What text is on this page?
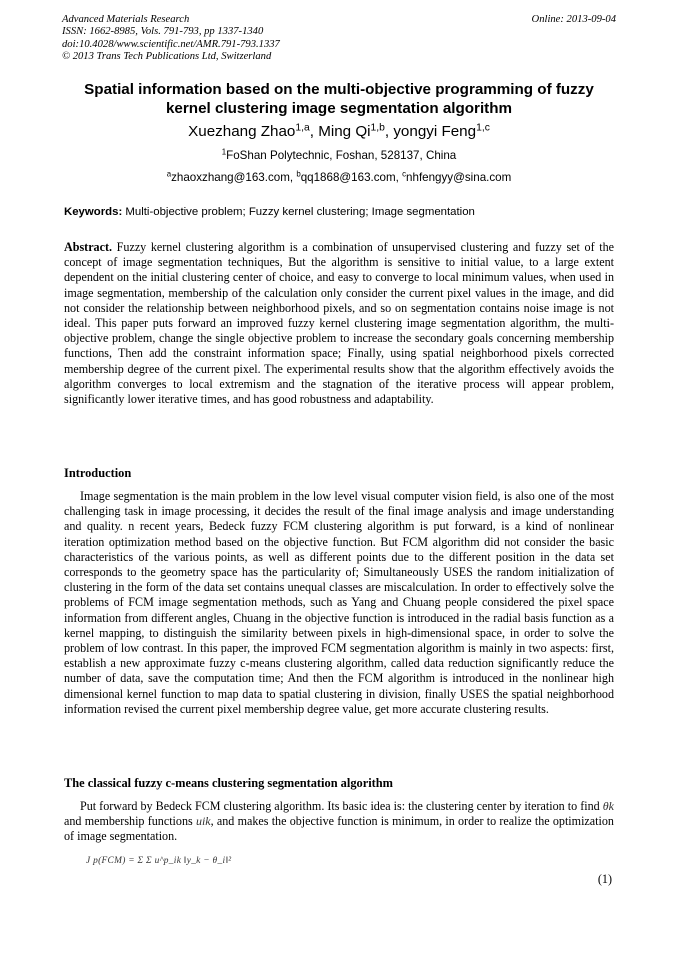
Advanced Materials Research
ISSN: 1662-8985, Vols. 791-793, pp 1337-1340
doi:10.4028/www.scientific.net/AMR.791-793.1337
© 2013 Trans Tech Publications Ltd, Switzerland
Online: 2013-09-04
Spatial information based on the multi-objective programming of fuzzy
kernel clustering image segmentation algorithm
Xuezhang Zhao$^{1,a}$, Ming Qi$^{1,b}$, yongyi Feng$^{1,c}$
$^1$FoShan Polytechnic, Foshan, 528137, China
$^a$zhaoxzhang@163.com, $^b$qq1868@163.com, $^c$nhfengyy@sina.com
Keywords: Multi-objective problem; Fuzzy kernel clustering; Image segmentation
Abstract. Fuzzy kernel clustering algorithm is a combination of unsupervised clustering and fuzzy set of the concept of image segmentation techniques, But the algorithm is sensitive to initial value, to a large extent dependent on the initial clustering center of choice, and easy to converge to local minimum values, when used in image segmentation, membership of the calculation only consider the current pixel values in the image, and did not consider the relationship between neighborhood pixels, and so on segmentation contains noise image is not ideal. This paper puts forward an improved fuzzy kernel clustering image segmentation algorithm, the multi-objective problem, change the single objective problem to increase the secondary goals concerning membership functions, Then add the constraint information space; Finally, using spatial neighborhood pixels corrected membership degree of the current pixel. The experimental results show that the algorithm effectively avoids the algorithm converges to local extremism and the stagnation of the iterative process will appear problem, significantly lower iterative times, and has good robustness and adaptability.
Introduction
Image segmentation is the main problem in the low level visual computer vision field, is also one of the most challenging task in image processing, it decides the result of the final image analysis and image understanding and quality. n recent years, Bedeck fuzzy FCM clustering algorithm is put forward, is a kind of nonlinear iteration optimization method based on the objective function. But FCM algorithm did not consider the basic characteristics of the various points, as well as different points due to the different position in the data set corresponds to the geometry space has the particularity of; Simultaneously USES the random initialization of clustering in the form of the data set contains unequal classes are miscalculation. In order to effectively solve the problems of FCM image segmentation methods, such as Yang and Chuang people considered the pixel space information from different angles, Chuang in the objective function is introduced in the radial basis function as a kernel mapping, to distinguish the similarity between pixels in high-dimensional space, in order to solve the problem of low contrast. In this paper, the improved FCM segmentation algorithm is mainly in two aspects: first, establish a new approximate fuzzy c-means clustering algorithm, called data reduction significantly reduce the number of data, save the computation time; And then the FCM algorithm is introduced in the nonlinear high dimensional kernel function to map data to spatial clustering in division, finally USES the spatial neighborhood information revised the current pixel membership degree value, get more accurate clustering results.
The classical fuzzy c-means clustering segmentation algorithm
Put forward by Bedeck FCM clustering algorithm. Its basic idea is: the clustering center by iteration to find θk and membership functions uik, and makes the objective function is minimum, in order to realize the optimization of image segmentation.
J p(FCM) = Σ Σ u^p_ik ‖y_k − θ_i‖²
(1)
